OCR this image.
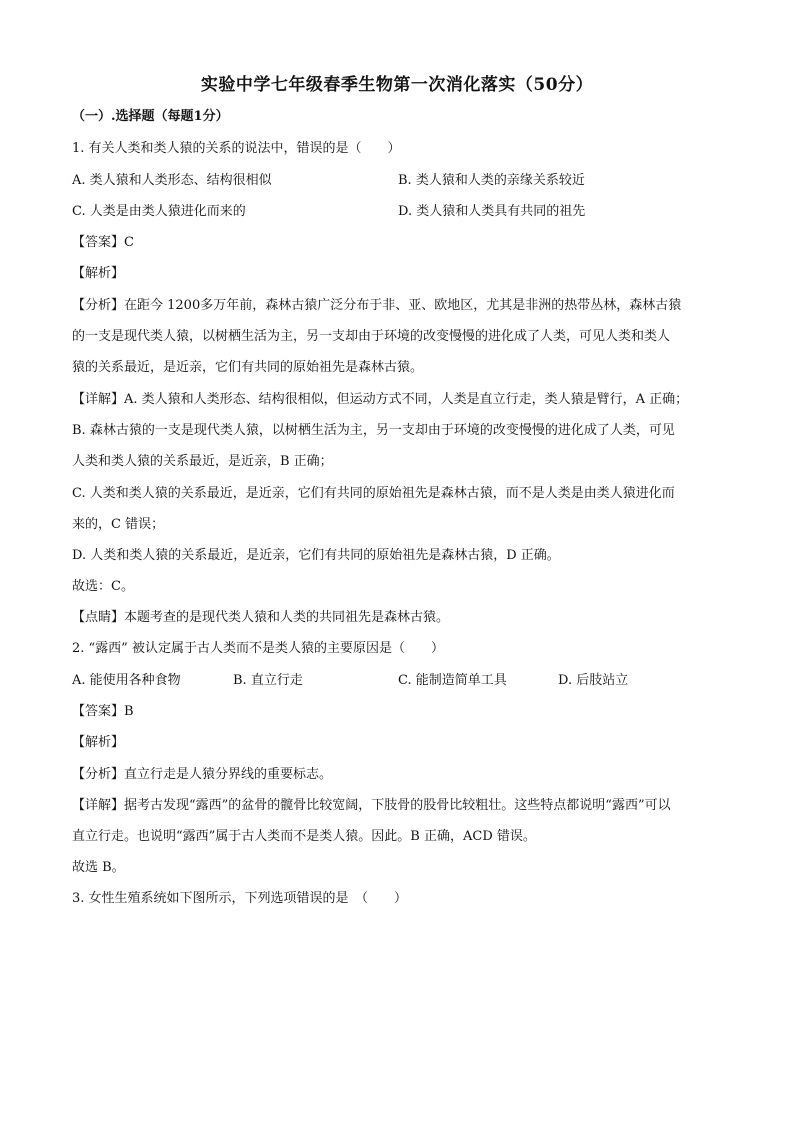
实验中学七年级春季生物第一次消化落实（50分）
（一）.选择题（每题1分）
1. 有关人类和类人猿的关系的说法中，错误的是（　　）
A. 类人猿和人类形态、结构很相似	B. 类人猿和人类的亲缘关系较近
C. 人类是由类人猿进化而来的	D. 类人猿和人类具有共同的祖先
【答案】C
【解析】
【分析】在距今 1200多万年前，森林古猿广泛分布于非、亚、欧地区，尤其是非洲的热带丛林，森林古猿
的一支是现代类人猿，以树栖生活为主，另一支却由于环境的改变慢慢的进化成了人类，可见人类和类人
猿的关系最近，是近亲，它们有共同的原始祖先是森林古猿。
【详解】A. 类人猿和人类形态、结构很相似，但运动方式不同，人类是直立行走，类人猿是臂行，A 正确；
B. 森林古猿的一支是现代类人猿，以树栖生活为主，另一支却由于环境的改变慢慢的进化成了人类，可见
人类和类人猿的关系最近，是近亲，B 正确；
C. 人类和类人猿的关系最近，是近亲，它们有共同的原始祖先是森林古猿，而不是人类是由类人猿进化而
来的，C 错误；
D. 人类和类人猿的关系最近，是近亲，它们有共同的原始祖先是森林古猿，D 正确。
故选：C。
【点睛】本题考查的是现代类人猿和人类的共同祖先是森林古猿。
2. “露西” 被认定属于古人类而不是类人猿的主要原因是（　　）
A. 能使用各种食物	B. 直立行走	C. 能制造简单工具	D. 后肢站立
【答案】B
【解析】
【分析】直立行走是人猿分界线的重要标志。
【详解】据考古发现“露西”的盆骨的髋骨比较宽阔，下肢骨的股骨比较粗壮。这些特点都说明“露西”可以
直立行走。也说明“露西”属于古人类而不是类人猿。因此。B 正确，ACD 错误。
故选 B。
3. 女性生殖系统如下图所示，下列选项错误的是　（　　）
